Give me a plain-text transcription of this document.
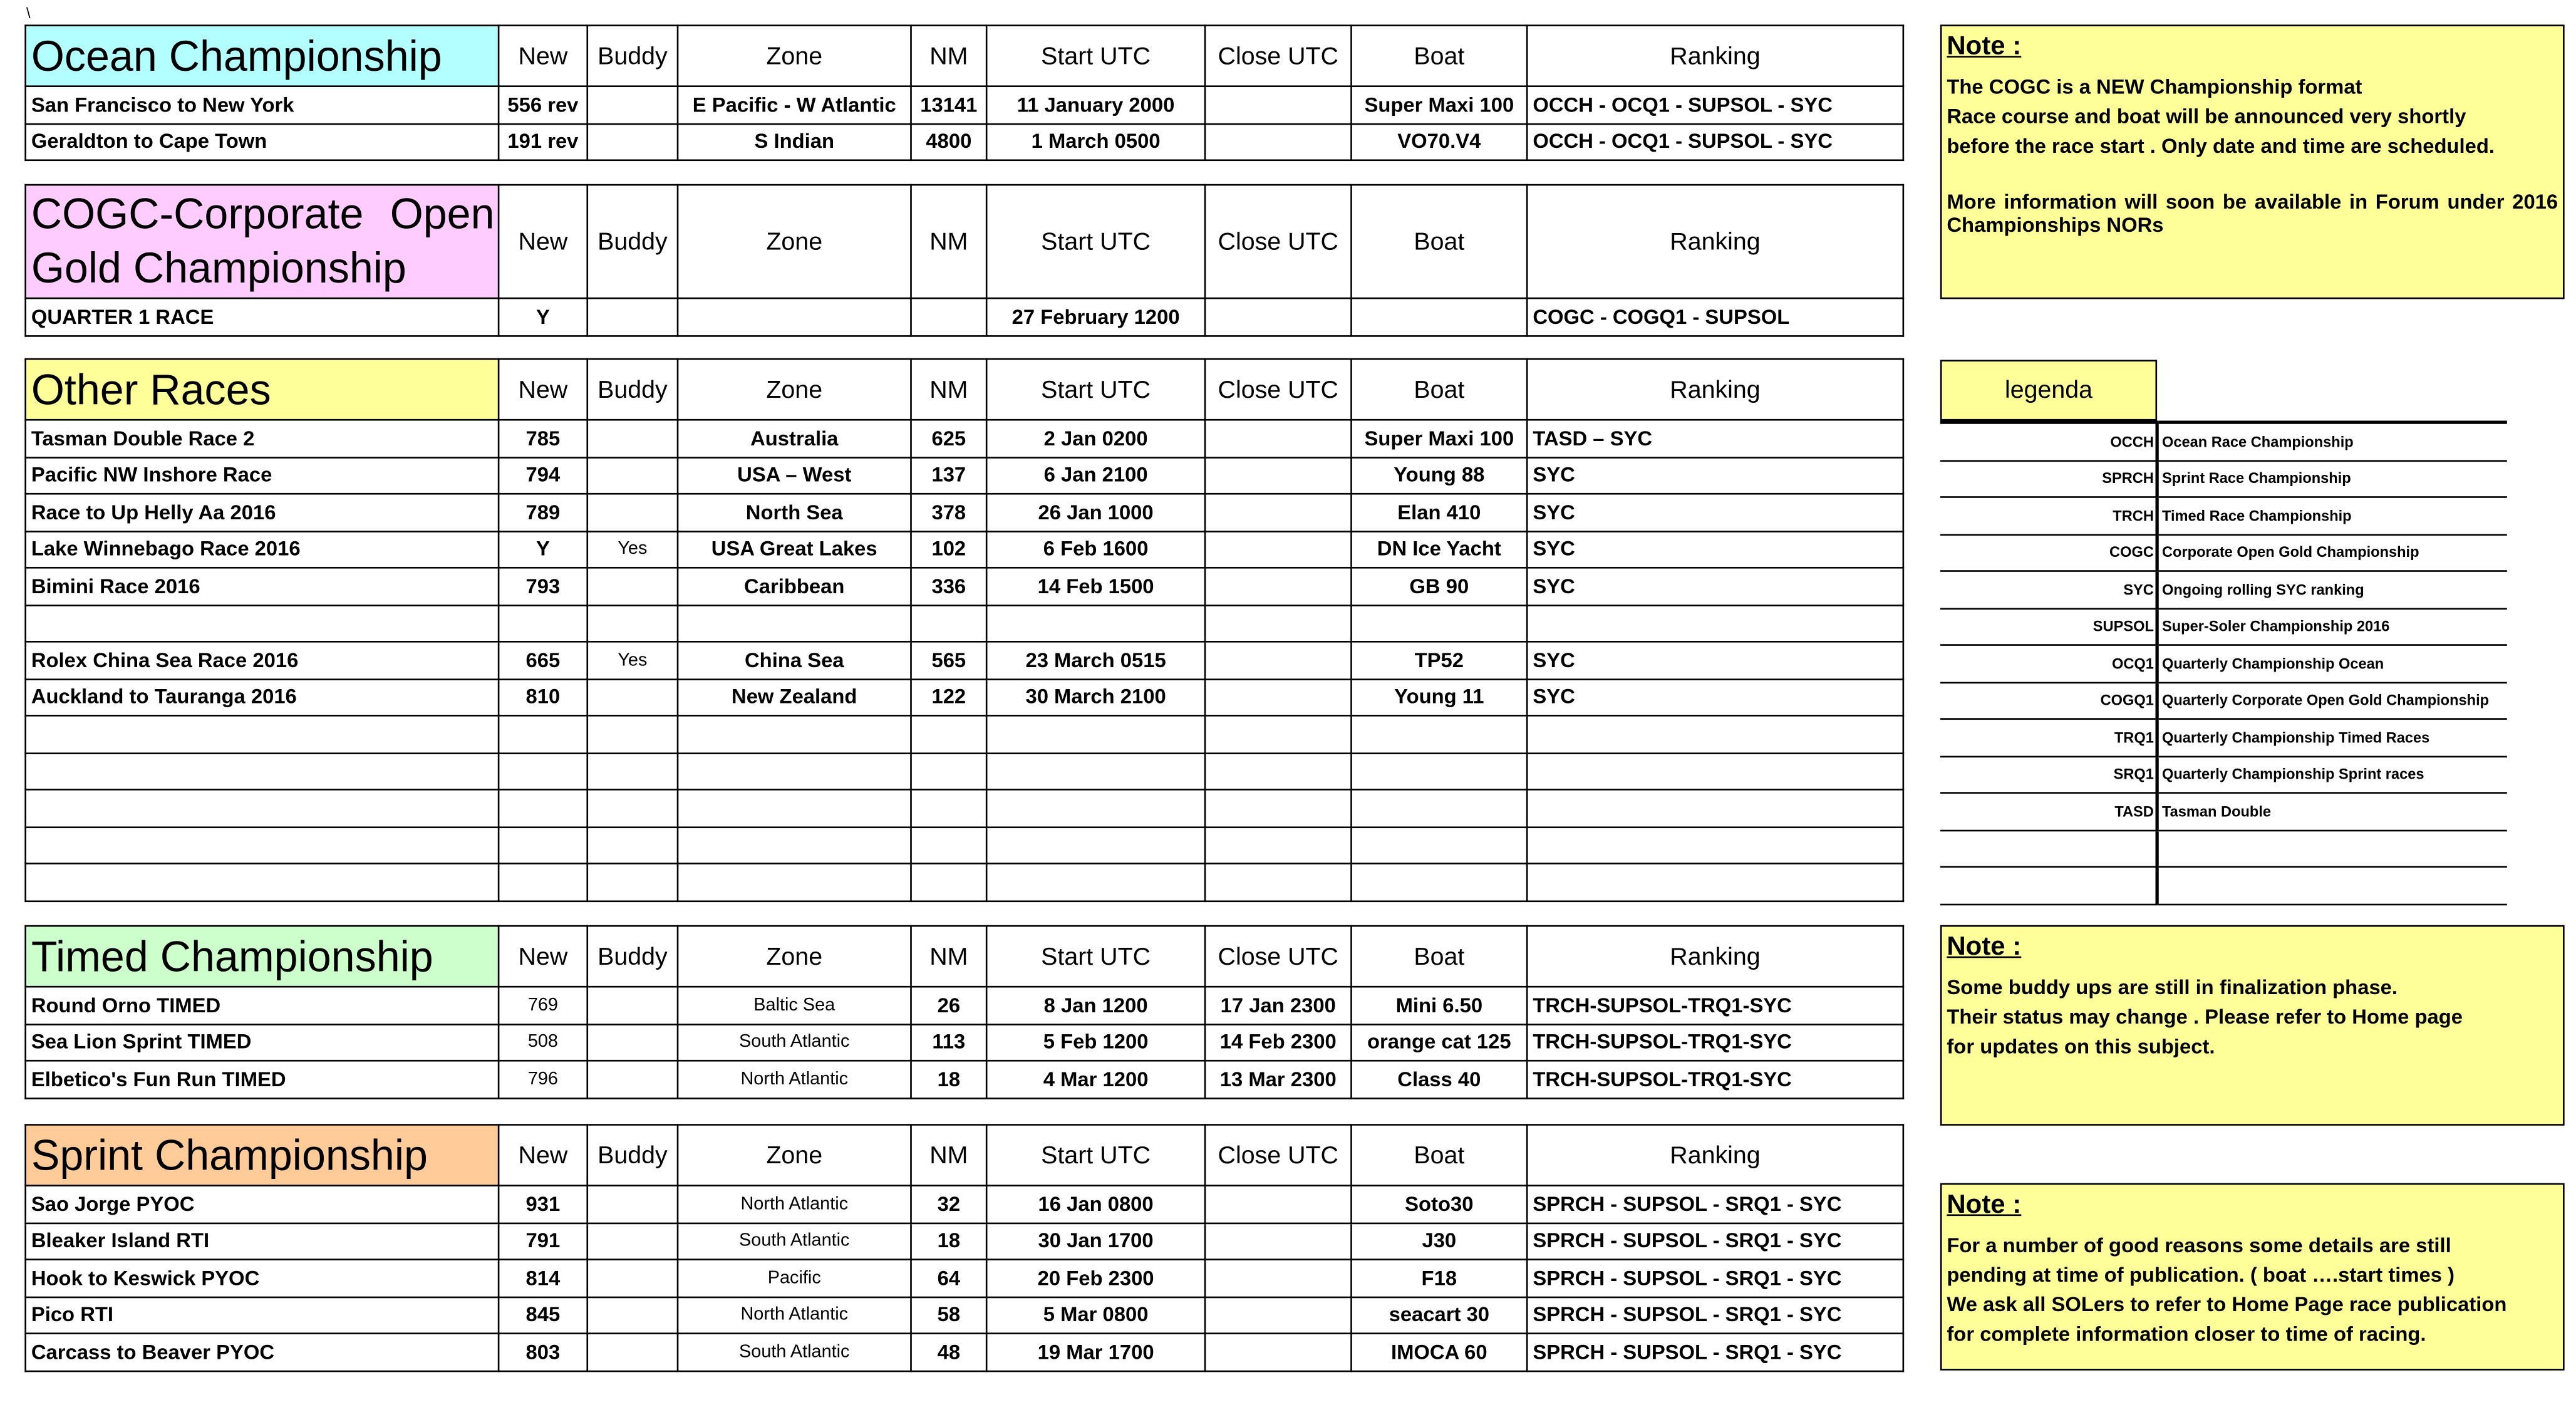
\
Ocean Championship	New	Buddy	Zone	NM	Start UTC	Close UTC	Boat	Ranking
San Francisco to New York	556 rev		E Pacific - W Atlantic	13141	11 January 2000		Super Maxi 100	OCCH - OCQ1 - SUPSOL - SYC
Geraldton to Cape Town	191 rev		S Indian	4800	1 March 0500		VO70.V4	OCCH - OCQ1 - SUPSOL - SYC
COGC-Corporate Open Gold Championship	New	Buddy	Zone	NM	Start UTC	Close UTC	Boat	Ranking
QUARTER 1 RACE	Y				27 February 1200			COGC - COGQ1 - SUPSOL
Other Races	New	Buddy	Zone	NM	Start UTC	Close UTC	Boat	Ranking
Tasman Double Race 2	785		Australia	625	2 Jan 0200		Super Maxi 100	TASD – SYC
Pacific NW Inshore Race	794		USA – West	137	6 Jan 2100		Young 88	SYC
Race to Up Helly Aa 2016	789		North Sea	378	26 Jan 1000		Elan 410	SYC
Lake Winnebago Race 2016	Y	Yes	USA Great Lakes	102	6 Feb 1600		DN Ice Yacht	SYC
Bimini Race 2016	793		Caribbean	336	14 Feb 1500		GB 90	SYC

Rolex China Sea Race 2016	665	Yes	China Sea	565	23 March 0515		TP52	SYC
Auckland to Tauranga 2016	810		New Zealand	122	30 March 2100		Young 11	SYC

Timed Championship	New	Buddy	Zone	NM	Start UTC	Close UTC	Boat	Ranking
Round Orno TIMED	769		Baltic Sea	26	8 Jan 1200	17 Jan 2300	Mini 6.50	TRCH-SUPSOL-TRQ1-SYC
Sea Lion Sprint TIMED	508		South Atlantic	113	5 Feb 1200	14 Feb 2300	orange cat 125	TRCH-SUPSOL-TRQ1-SYC
Elbetico's Fun Run TIMED	796		North Atlantic	18	4 Mar 1200	13 Mar 2300	Class 40	TRCH-SUPSOL-TRQ1-SYC
Sprint Championship	New	Buddy	Zone	NM	Start UTC	Close UTC	Boat	Ranking
Sao Jorge PYOC	931		North Atlantic	32	16 Jan 0800		Soto30	SPRCH - SUPSOL - SRQ1 - SYC
Bleaker Island RTI	791		South Atlantic	18	30 Jan 1700		J30	SPRCH - SUPSOL - SRQ1 - SYC
Hook to Keswick PYOC	814		Pacific	64	20 Feb 2300		F18	SPRCH - SUPSOL - SRQ1 - SYC
Pico RTI	845		North Atlantic	58	5 Mar 0800		seacart 30	SPRCH - SUPSOL - SRQ1 - SYC
Carcass to Beaver PYOC	803		South Atlantic	48	19 Mar 1700		IMOCA 60	SPRCH - SUPSOL - SRQ1 - SYC
Note :

The COGC is a NEW Championship format

Race course and boat will be announced very shortly

before the race start . Only date and time are scheduled.

More information will soon be available in Forum under 2016 Championships NORs

Note :

Some buddy ups are still in finalization phase.

Their status may change . Please refer to Home page

for updates on this subject.

Note :

For a number of good reasons some details are still

pending at time of publication. ( boat ….start times )

We ask all SOLers to refer to Home Page race publication

for complete information closer to time of racing.

legenda
OCCH	Ocean Race Championship
SPRCH	Sprint Race Championship
TRCH	Timed Race Championship
COGC	Corporate Open Gold Championship
SYC	Ongoing rolling SYC ranking
SUPSOL	Super-Soler Championship 2016
OCQ1	Quarterly Championship Ocean
COGQ1	Quarterly Corporate Open Gold Championship
TRQ1	Quarterly Championship Timed Races
SRQ1	Quarterly Championship Sprint races
TASD	Tasman Double
